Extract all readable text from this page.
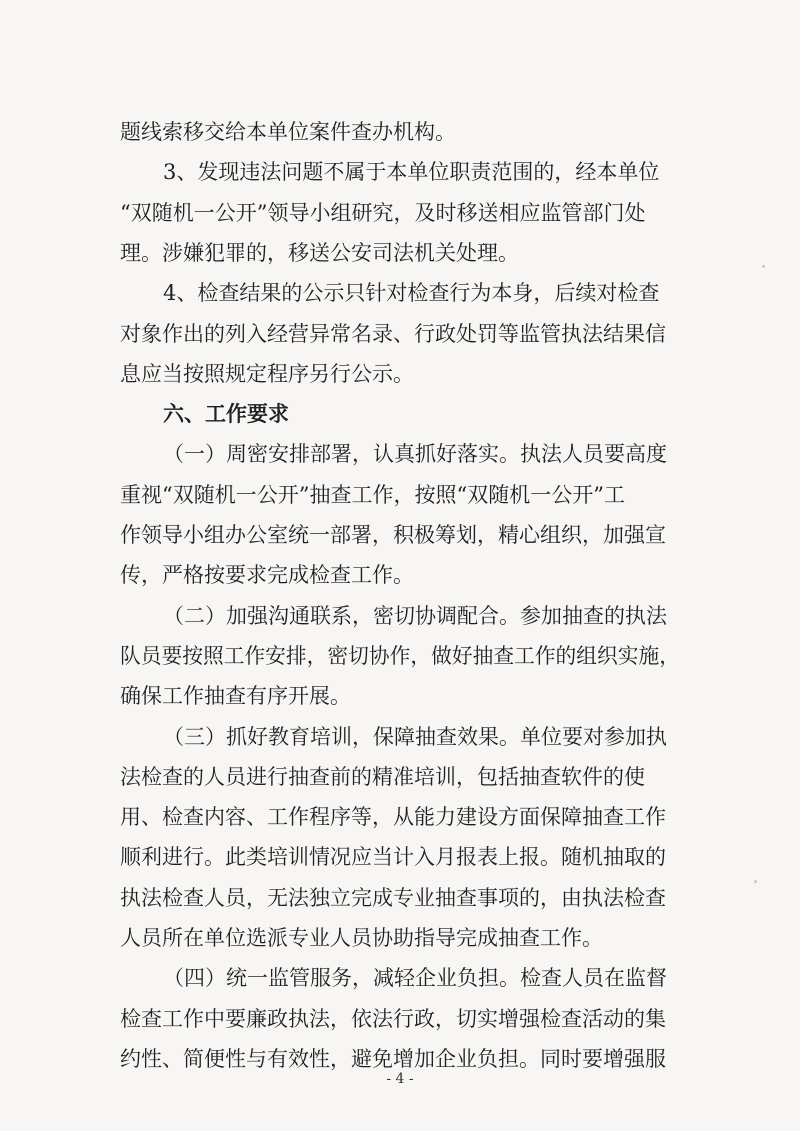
题线索移交给本单位案件查办机构。
3、发现违法问题不属于本单位职责范围的，经本单位
“双随机一公开”领导小组研究，及时移送相应监管部门处
理。涉嫌犯罪的，移送公安司法机关处理。
4、检查结果的公示只针对检查行为本身，后续对检查
对象作出的列入经营异常名录、行政处罚等监管执法结果信
息应当按照规定程序另行公示。
六、工作要求
（一）周密安排部署，认真抓好落实。执法人员要高度
重视“双随机一公开”抽查工作，按照“双随机一公开”工
作领导小组办公室统一部署，积极筹划，精心组织，加强宣
传，严格按要求完成检查工作。
（二）加强沟通联系，密切协调配合。参加抽查的执法
队员要按照工作安排，密切协作，做好抽查工作的组织实施，
确保工作抽查有序开展。
（三）抓好教育培训，保障抽查效果。单位要对参加执
法检查的人员进行抽查前的精准培训，包括抽查软件的使
用、检查内容、工作程序等，从能力建设方面保障抽查工作
顺利进行。此类培训情况应当计入月报表上报。随机抽取的
执法检查人员，无法独立完成专业抽查事项的，由执法检查
人员所在单位选派专业人员协助指导完成抽查工作。
（四）统一监管服务，减轻企业负担。检查人员在监督
检查工作中要廉政执法，依法行政，切实增强检查活动的集
约性、简便性与有效性，避免增加企业负担。同时要增强服
- 4 -
